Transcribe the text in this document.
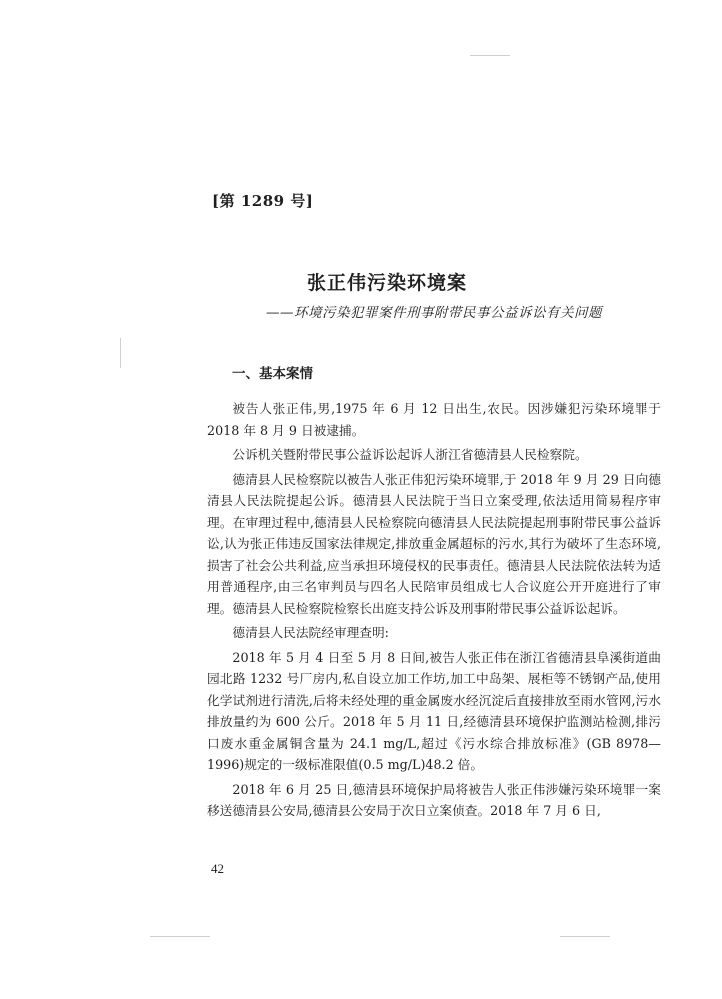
[第 1289 号]
张正伟污染环境案
——环境污染犯罪案件刑事附带民事公益诉讼有关问题
一、基本案情

被告人张正伟,男,1975 年 6 月 12 日出生,农民。因涉嫌犯污染环境罪于 2018 年 8 月 9 日被逮捕。

公诉机关暨附带民事公益诉讼起诉人浙江省德清县人民检察院。

德清县人民检察院以被告人张正伟犯污染环境罪,于 2018 年 9 月 29 日向德清县人民法院提起公诉。德清县人民法院于当日立案受理,依法适用简易程序审理。在审理过程中,德清县人民检察院向德清县人民法院提起刑事附带民事公益诉讼,认为张正伟违反国家法律规定,排放重金属超标的污水,其行为破坏了生态环境,损害了社会公共利益,应当承担环境侵权的民事责任。德清县人民法院依法转为适用普通程序,由三名审判员与四名人民陪审员组成七人合议庭公开开庭进行了审理。德清县人民检察院检察长出庭支持公诉及刑事附带民事公益诉讼起诉。

德清县人民法院经审理查明:

2018 年 5 月 4 日至 5 月 8 日间,被告人张正伟在浙江省德清县阜溪街道曲园北路 1232 号厂房内,私自设立加工作坊,加工中岛架、展柜等不锈钢产品,使用化学试剂进行清洗,后将未经处理的重金属废水经沉淀后直接排放至雨水管网,污水排放量约为 600 公斤。2018 年 5 月 11 日,经德清县环境保护监测站检测,排污口废水重金属铜含量为 24.1 mg/L,超过《污水综合排放标准》(GB 8978—1996)规定的一级标准限值(0.5 mg/L)48.2 倍。

2018 年 6 月 25 日,德清县环境保护局将被告人张正伟涉嫌污染环境罪一案移送德清县公安局,德清县公安局于次日立案侦查。2018 年 7 月 6 日,

42
